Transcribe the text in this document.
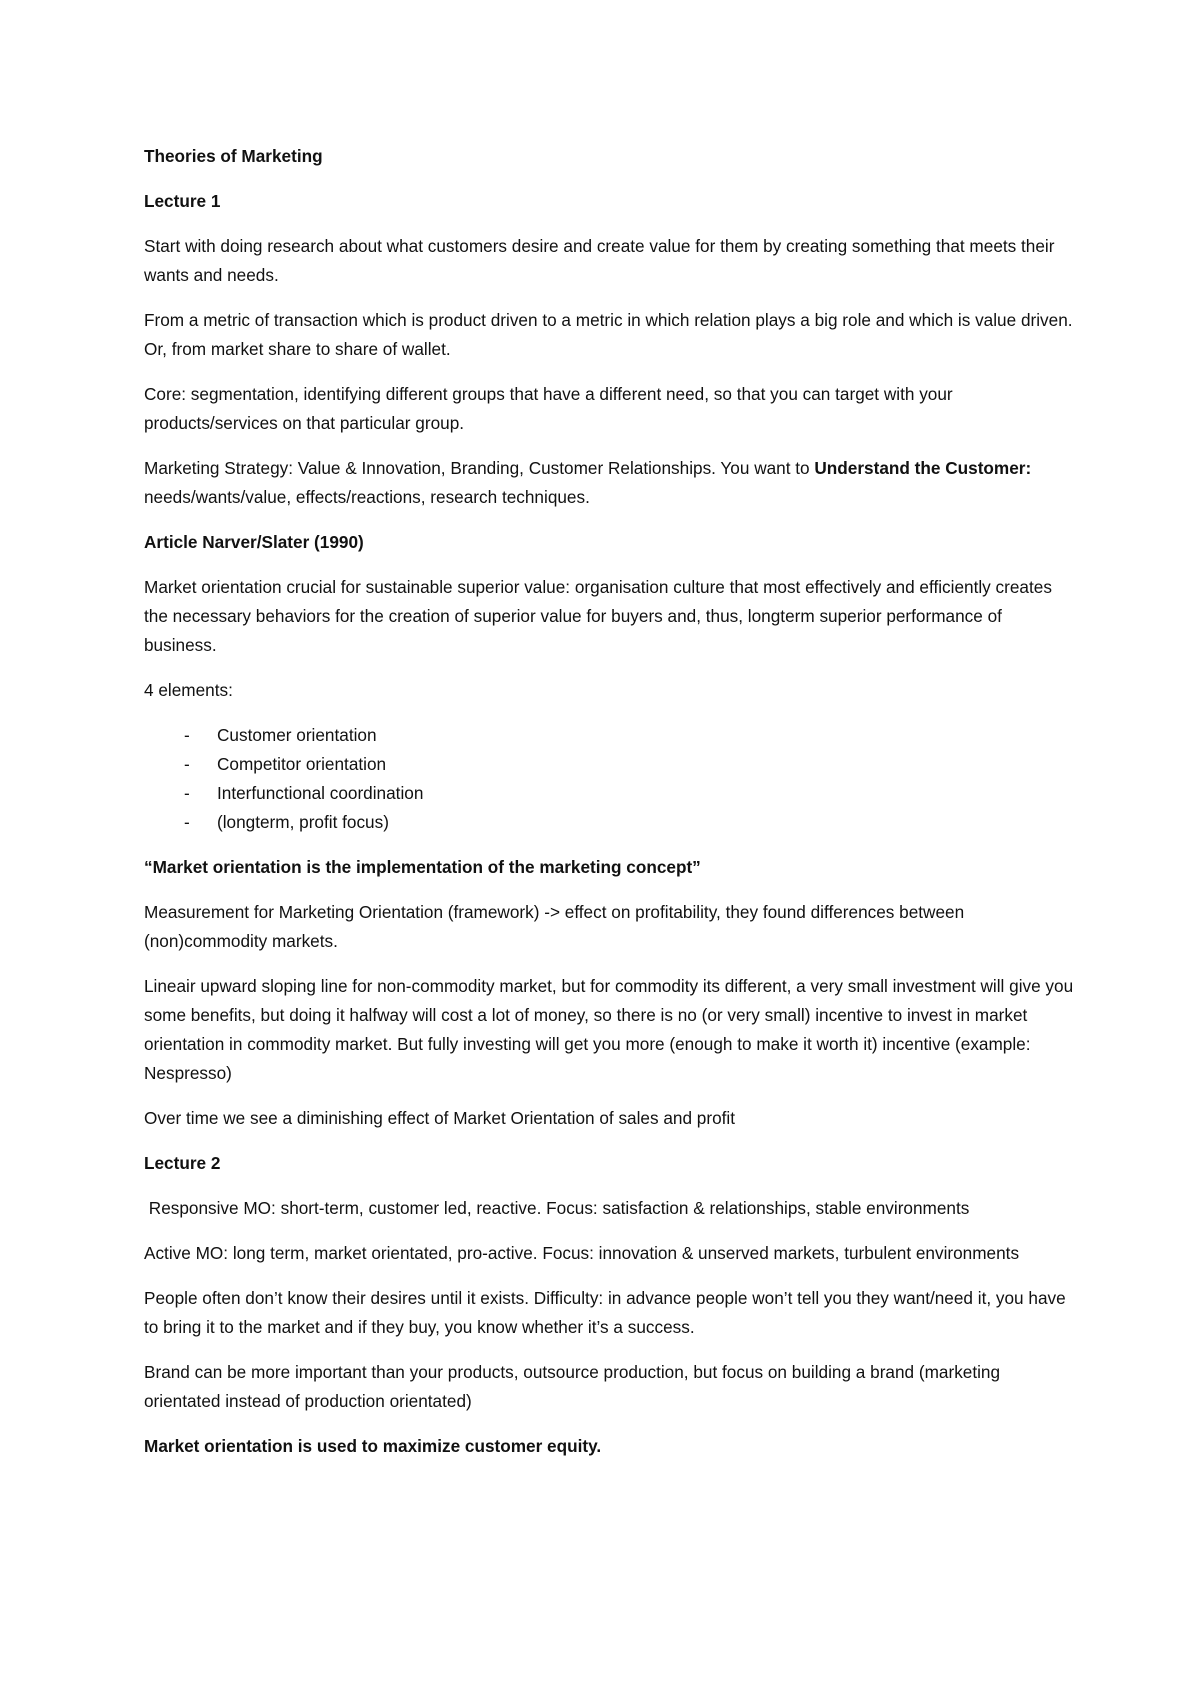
Theories of Marketing

Lecture 1

Start with doing research about what customers desire and create value for them by creating something that meets their wants and needs.

From a metric of transaction which is product driven to a metric in which relation plays a big role and which is value driven. Or, from market share to share of wallet.

Core: segmentation, identifying different groups that have a different need, so that you can target with your products/services on that particular group.

Marketing Strategy: Value & Innovation, Branding, Customer Relationships. You want to Understand the Customer: needs/wants/value, effects/reactions, research techniques.

Article Narver/Slater (1990)

Market orientation crucial for sustainable superior value: organisation culture that most effectively and efficiently creates the necessary behaviors for the creation of superior value for buyers and, thus, longterm superior performance of business.

4 elements:

- Customer orientation
- Competitor orientation
- Interfunctional coordination
- (longterm, profit focus)

“Market orientation is the implementation of the marketing concept”

Measurement for Marketing Orientation (framework) -> effect on profitability, they found differences between (non)commodity markets.

Lineair upward sloping line for non-commodity market, but for commodity its different, a very small investment will give you some benefits, but doing it halfway will cost a lot of money, so there is no (or very small) incentive to invest in market orientation in commodity market. But fully investing will get you more (enough to make it worth it) incentive (example: Nespresso)

Over time we see a diminishing effect of Market Orientation of sales and profit

Lecture 2

Responsive MO: short-term, customer led, reactive. Focus: satisfaction & relationships, stable environments

Active MO: long term, market orientated, pro-active. Focus: innovation & unserved markets, turbulent environments

People often don’t know their desires until it exists. Difficulty: in advance people won’t tell you they want/need it, you have to bring it to the market and if they buy, you know whether it’s a success.

Brand can be more important than your products, outsource production, but focus on building a brand (marketing orientated instead of production orientated)

Market orientation is used to maximize customer equity.
